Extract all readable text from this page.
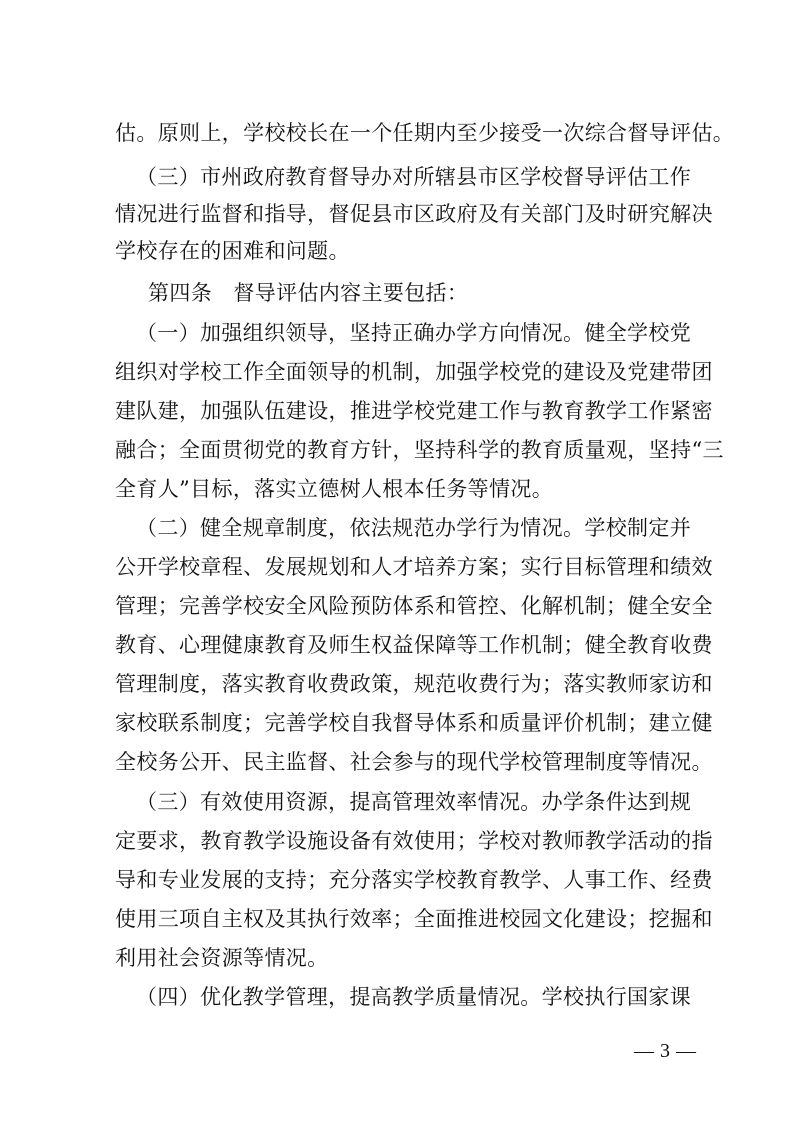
估。原则上，学校校长在一个任期内至少接受一次综合督导评估。
（三）市州政府教育督导办对所辖县市区学校督导评估工作
情况进行监督和指导，督促县市区政府及有关部门及时研究解决
学校存在的困难和问题。
第四条　督导评估内容主要包括：
（一）加强组织领导，坚持正确办学方向情况。健全学校党
组织对学校工作全面领导的机制，加强学校党的建设及党建带团
建队建，加强队伍建设，推进学校党建工作与教育教学工作紧密
融合；全面贯彻党的教育方针，坚持科学的教育质量观，坚持“三
全育人”目标，落实立德树人根本任务等情况。
（二）健全规章制度，依法规范办学行为情况。学校制定并
公开学校章程、发展规划和人才培养方案；实行目标管理和绩效
管理；完善学校安全风险预防体系和管控、化解机制；健全安全
教育、心理健康教育及师生权益保障等工作机制；健全教育收费
管理制度，落实教育收费政策，规范收费行为；落实教师家访和
家校联系制度；完善学校自我督导体系和质量评价机制；建立健
全校务公开、民主监督、社会参与的现代学校管理制度等情况。
（三）有效使用资源，提高管理效率情况。办学条件达到规
定要求，教育教学设施设备有效使用；学校对教师教学活动的指
导和专业发展的支持；充分落实学校教育教学、人事工作、经费
使用三项自主权及其执行效率；全面推进校园文化建设；挖掘和
利用社会资源等情况。
（四）优化教学管理，提高教学质量情况。学校执行国家课
— 3 —
